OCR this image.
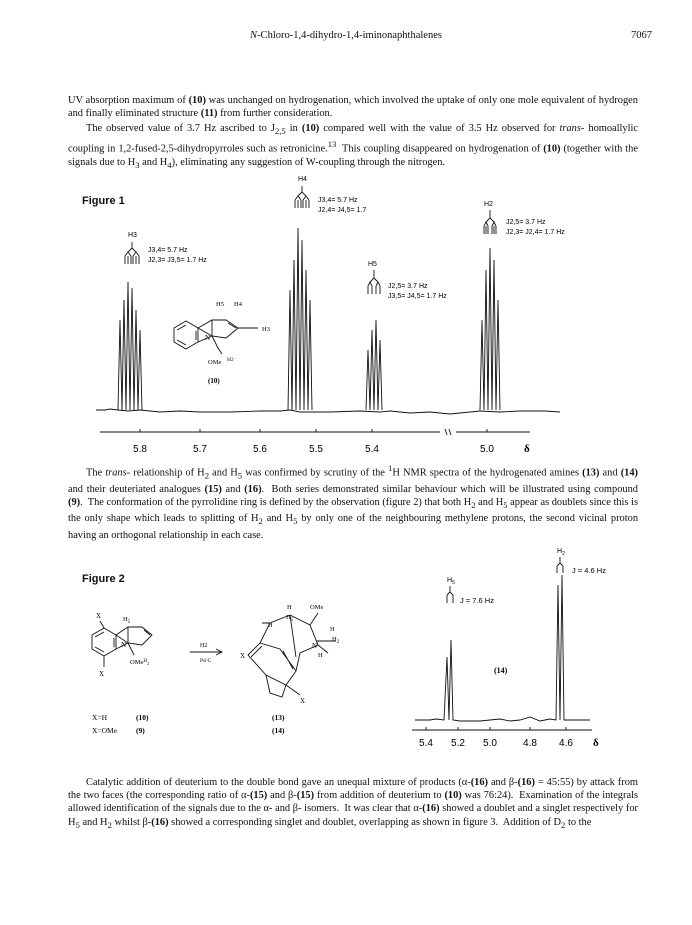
N-Chloro-1,4-dihydro-1,4-iminonaphthalenes	7067

UV absorption maximum of (10) was unchanged on hydrogenation, which involved the uptake of only one mole equivalent of hydrogen and finally eliminated structure (11) from further consideration.

The observed value of 3.7 Hz ascribed to $J_{2,5}$ in (10) compared well with the value of 3.5 Hz observed for trans- homoallylic coupling in 1,2-fused-2,5-dihydropyrroles such as retronicine.$^{13}$  This coupling disappeared on hydrogenation of (10) (together with the signals due to $H_3$ and $H_4$), eliminating any suggestion of W-coupling through the nitrogen.

Figure 1
H3
J3,4= 5.7 Hz
J2,3= J3,5= 1.7 Hz
H4
J3,4= 5.7 Hz
J2,4= J4,5= 1.7
H5
J2,5= 3.7 Hz
J3,5= J4,5= 1.7 Hz
H2
J2,5= 3.7 Hz
J2,3= J2,4= 1.7 Hz
H5 H4
H3
N
OMe H2
(10)
5.8	5.7	5.6	5.5	5.4	5.0	δ

The trans- relationship of $H_2$ and $H_5$ was confirmed by scrutiny of the $^1$H NMR spectra of the hydrogenated amines (13) and (14) and their deuteriated analogues (15) and (16).  Both series demonstrated similar behaviour which will be illustrated using compound (9).  The conformation of the pyrrolidine ring is defined by the observation (figure 2) that both $H_2$ and $H_5$ appear as doublets since this is the only shape which leads to splitting of $H_2$ and $H_5$ by only one of the neighbouring methylene protons, the second vicinal proton having an orthogonal relationship in each case.

Figure 2
X	$H_5$
N
OMe$^H_2$
X
H2
Pd-C
H
$H_5$
H
OMe
H
$H_2$
H
N
X
X
X=H	(10)
X=OMe	(9)
(13)
(14)
$H_5$
J = 7.6 Hz
$H_2$
J = 4.6 Hz
(14)
5.4 5.2 5.0	4.8 4.6 δ

Catalytic addition of deuterium to the double bond gave an unequal mixture of products (α-(16) and β-(16) = 45:55) by attack from the two faces (the corresponding ratio of α-(15) and β-(15) from addition of deuterium to (10) was 76:24).  Examination of the integrals allowed identification of the signals due to the α- and β- isomers.  It was clear that α-(16) showed a doublet and a singlet respectively for $H_5$ and $H_2$ whilst β-(16) showed a corresponding singlet and doublet, overlapping as shown in figure 3.  Addition of $D_2$ to the
